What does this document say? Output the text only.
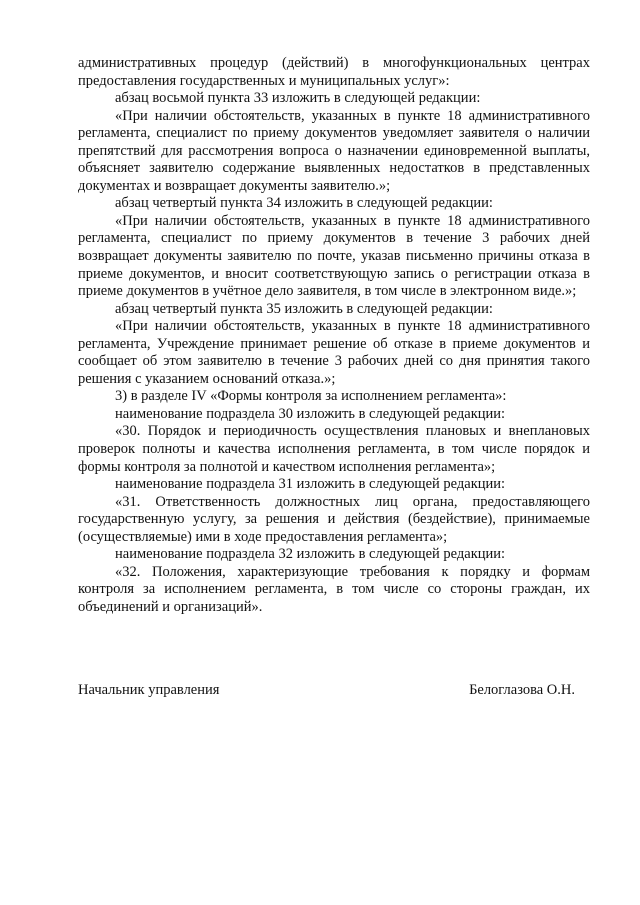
административных процедур (действий) в многофункциональных центрах предоставления государственных и муниципальных услуг»:

абзац восьмой пункта 33 изложить в следующей редакции:

«При наличии обстоятельств, указанных в пункте 18 административного регламента, специалист по приему документов уведомляет заявителя о наличии препятствий для рассмотрения вопроса о назначении единовременной выплаты, объясняет заявителю содержание выявленных недостатков в представленных документах и возвращает документы заявителю.»;

абзац четвертый пункта 34 изложить в следующей редакции:

«При наличии обстоятельств, указанных в пункте 18 административного регламента, специалист по приему документов в течение 3 рабочих дней возвращает документы заявителю по почте, указав письменно причины отказа в приеме документов, и вносит соответствующую запись о регистрации отказа в приеме документов в учётное дело заявителя, в том числе в электронном виде.»;

абзац четвертый пункта 35 изложить в следующей редакции:

«При наличии обстоятельств, указанных в пункте 18 административного регламента, Учреждение принимает решение об отказе в приеме документов и сообщает об этом заявителю в течение 3 рабочих дней со дня принятия такого решения с указанием оснований отказа.»;

3) в разделе IV «Формы контроля за исполнением регламента»:

наименование подраздела 30 изложить в следующей редакции:

«30. Порядок и периодичность осуществления плановых и внеплановых проверок полноты и качества исполнения регламента, в том числе порядок и формы контроля за полнотой и качеством исполнения регламента»;

наименование подраздела 31 изложить в следующей редакции:

«31. Ответственность должностных лиц органа, предоставляющего государственную услугу, за решения и действия (бездействие), принимаемые (осуществляемые) ими в ходе предоставления регламента»;

наименование подраздела 32 изложить в следующей редакции:

«32. Положения, характеризующие требования к порядку и формам контроля за исполнением регламента, в том числе со стороны граждан, их объединений и организаций».

Начальник управления	Белоглазова О.Н.
